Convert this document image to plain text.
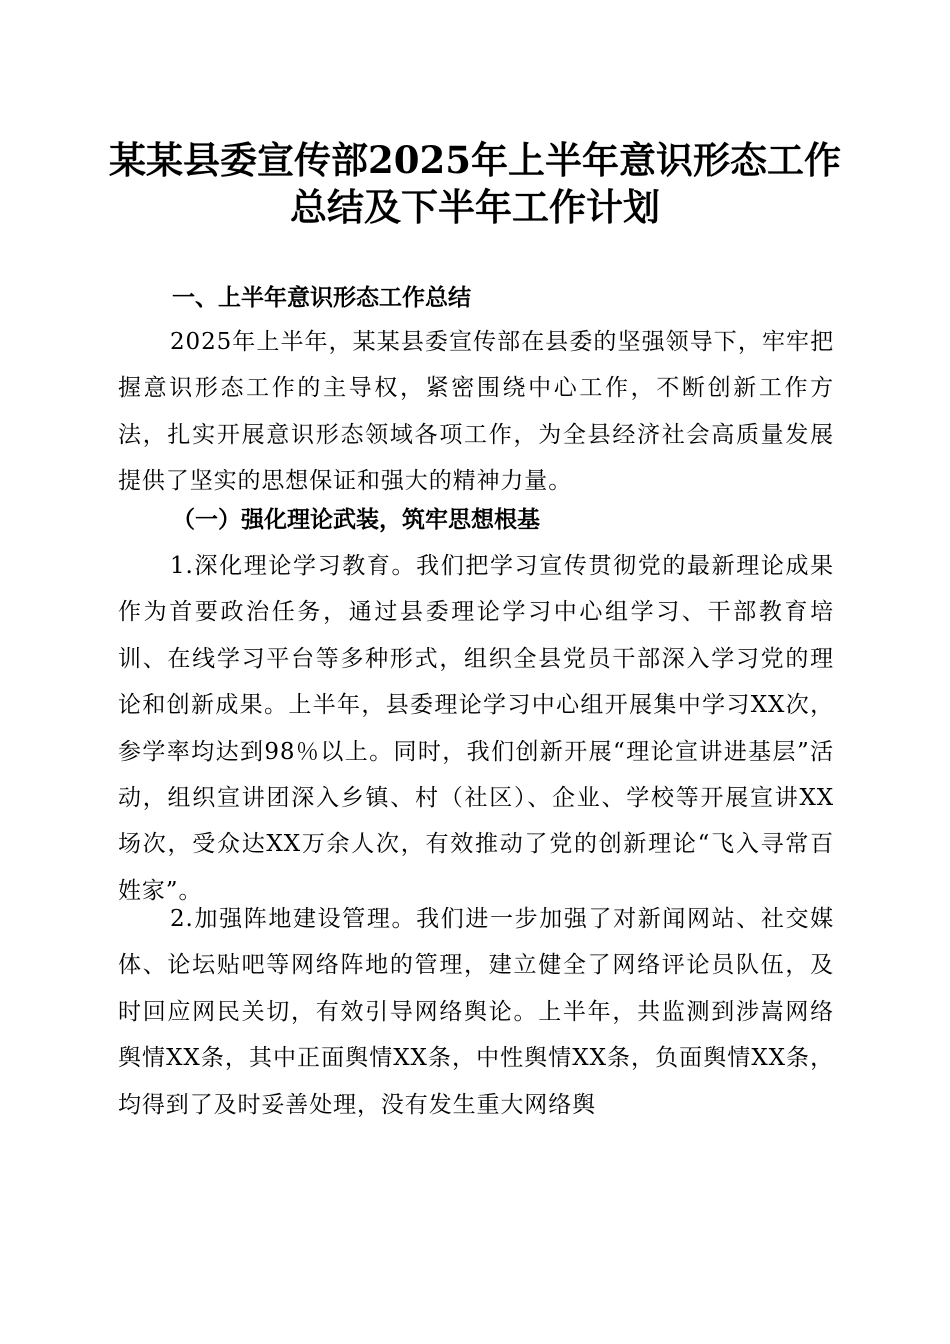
某某县委宣传部2025年上半年意识形态工作
总结及下半年工作计划
一、上半年意识形态工作总结

2025年上半年，某某县委宣传部在县委的坚强领导下，牢牢把握意识形态工作的主导权，紧密围绕中心工作，不断创新工作方法，扎实开展意识形态领域各项工作，为全县经济社会高质量发展提供了坚实的思想保证和强大的精神力量。

（一）强化理论武装，筑牢思想根基

1.深化理论学习教育。我们把学习宣传贯彻党的最新理论成果作为首要政治任务，通过县委理论学习中心组学习、干部教育培训、在线学习平台等多种形式，组织全县党员干部深入学习党的理论和创新成果。上半年，县委理论学习中心组开展集中学习XX次，参学率均达到98％以上。同时，我们创新开展“理论宣讲进基层”活动，组织宣讲团深入乡镇、村（社区）、企业、学校等开展宣讲XX场次，受众达XX万余人次，有效推动了党的创新理论“飞入寻常百姓家”。

2.加强阵地建设管理。我们进一步加强了对新闻网站、社交媒体、论坛贴吧等网络阵地的管理，建立健全了网络评论员队伍，及时回应网民关切，有效引导网络舆论。上半年，共监测到涉嵩网络舆情XX条，其中正面舆情XX条，中性舆情XX条，负面舆情XX条，均得到了及时妥善处理，没有发生重大网络舆
